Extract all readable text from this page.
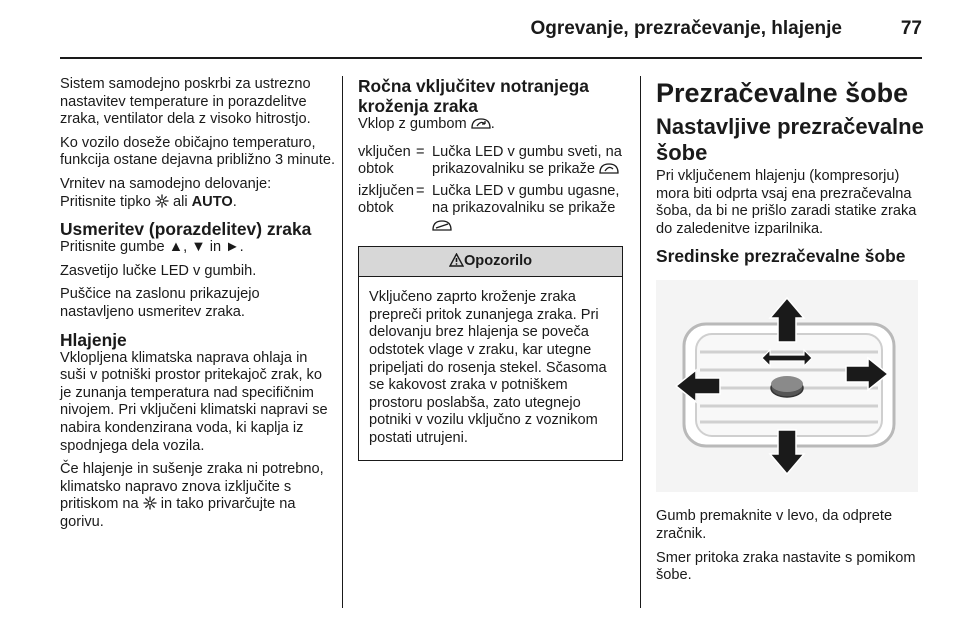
Ogrevanje, prezračevanje, hlajenje	77

Sistem samodejno poskrbi za ustrezno nastavitev temperature in porazdelitve zraka, ventilator dela z visoko hitrostjo.

Ko vozilo doseže običajno temperaturo, funkcija ostane dejavna približno 3 minute.

Vrnitev na samodejno delovanje:
Pritisnite tipko  ali AUTO.

Usmeritev (porazdelitev) zraka

Pritisnite gumbe ▲, ▼ in ►.

Zasvetijo lučke LED v gumbih.

Puščice na zaslonu prikazujejo nastavljeno usmeritev zraka.

Hlajenje

Vklopljena klimatska naprava ohlaja in suši v potniški prostor pritekajoč zrak, ko je zunanja temperatura nad specifičnim nivojem. Pri vključeni klimatski napravi se nabira kondenzirana voda, ki kaplja iz spodnjega dela vozila.

Če hlajenje in sušenje zraka ni potrebno, klimatsko napravo znova izključite s pritiskom na  in tako privarčujte na gorivu.

Ročna vključitev notranjega kroženja zraka

Vklop z gumbom .

vključen obtok
= Lučka LED v gumbu sveti, na prikazovalniku se prikaže
izključen obtok
= Lučka LED v gumbu ugasne, na prikazovalniku se prikaže
Opozorilo
Vključeno zaprto kroženje zraka prepreči pritok zunanjega zraka. Pri delovanju brez hlajenja se poveča odstotek vlage v zraku, kar utegne pripeljati do rosenja stekel. Sčasoma se kakovost zraka v potniškem prostoru poslabša, zato utegnejo potniki v vozilu vključno z voznikom postati utrujeni.
Prezračevalne šobe
Nastavljive prezračevalne šobe

Pri vključenem hlajenju (kompresorju) mora biti odprta vsaj ena prezračevalna šoba, da bi ne prišlo zaradi statike zraka do zaledenitve izparilnika.

Sredinske prezračevalne šobe

Gumb premaknite v levo, da odprete zračnik.

Smer pritoka zraka nastavite s pomikom šobe.
